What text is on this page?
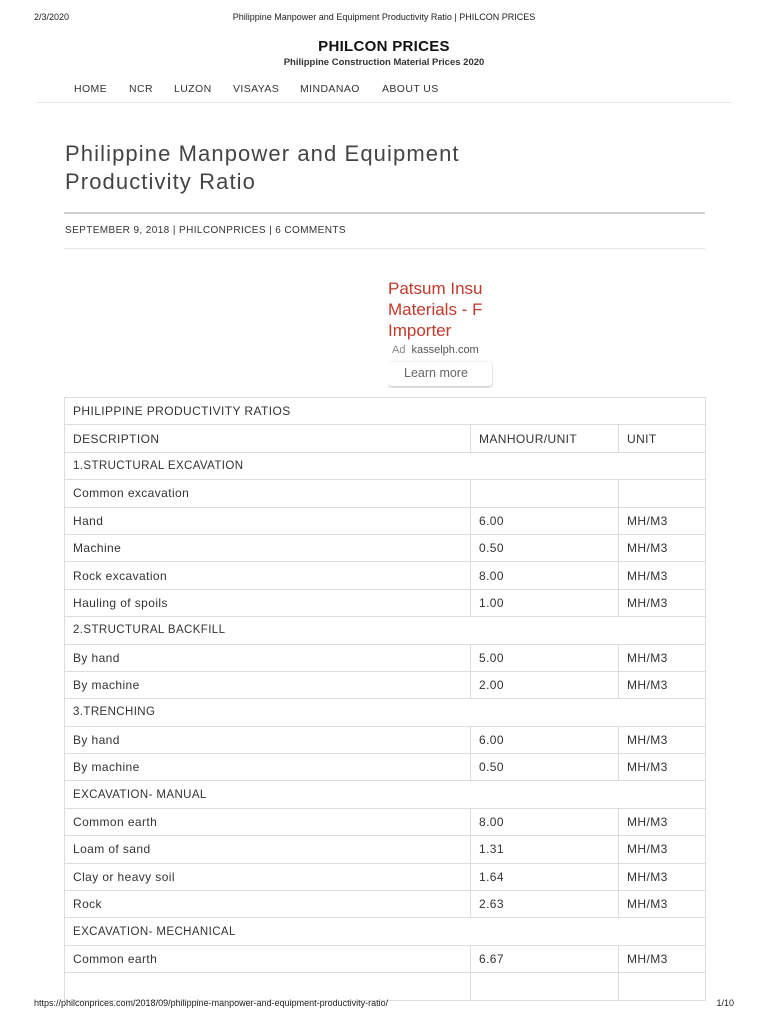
2/3/2020	Philippine Manpower and Equipment Productivity Ratio | PHILCON PRICES
PHILCON PRICES
Philippine Construction Material Prices 2020
HOME NCR LUZON VISAYAS MINDANAO ABOUT US
Philippine Manpower and Equipment
Productivity Ratio
SEPTEMBER 9, 2018 | PHILCONPRICES | 6 COMMENTS
Patsum Insu
Materials - F
Importer
Ad kasselph.com
Learn more
PHILIPPINE PRODUCTIVITY RATIOS		
DESCRIPTION	MANHOUR/UNIT	UNIT
1.STRUCTURAL EXCAVATION		
Common excavation		
Hand	6.00	MH/M3
Machine	0.50	MH/M3
Rock excavation	8.00	MH/M3
Hauling of spoils	1.00	MH/M3
2.STRUCTURAL BACKFILL		
By hand	5.00	MH/M3
By machine	2.00	MH/M3
3.TRENCHING		
By hand	6.00	MH/M3
By machine	0.50	MH/M3
EXCAVATION- MANUAL		
Common earth	8.00	MH/M3
Loam of sand	1.31	MH/M3
Clay or heavy soil	1.64	MH/M3
Rock	2.63	MH/M3
EXCAVATION- MECHANICAL		
Common earth	6.67	MH/M3

https://philconprices.com/2018/09/philippine-manpower-and-equipment-productivity-ratio/	1/10
